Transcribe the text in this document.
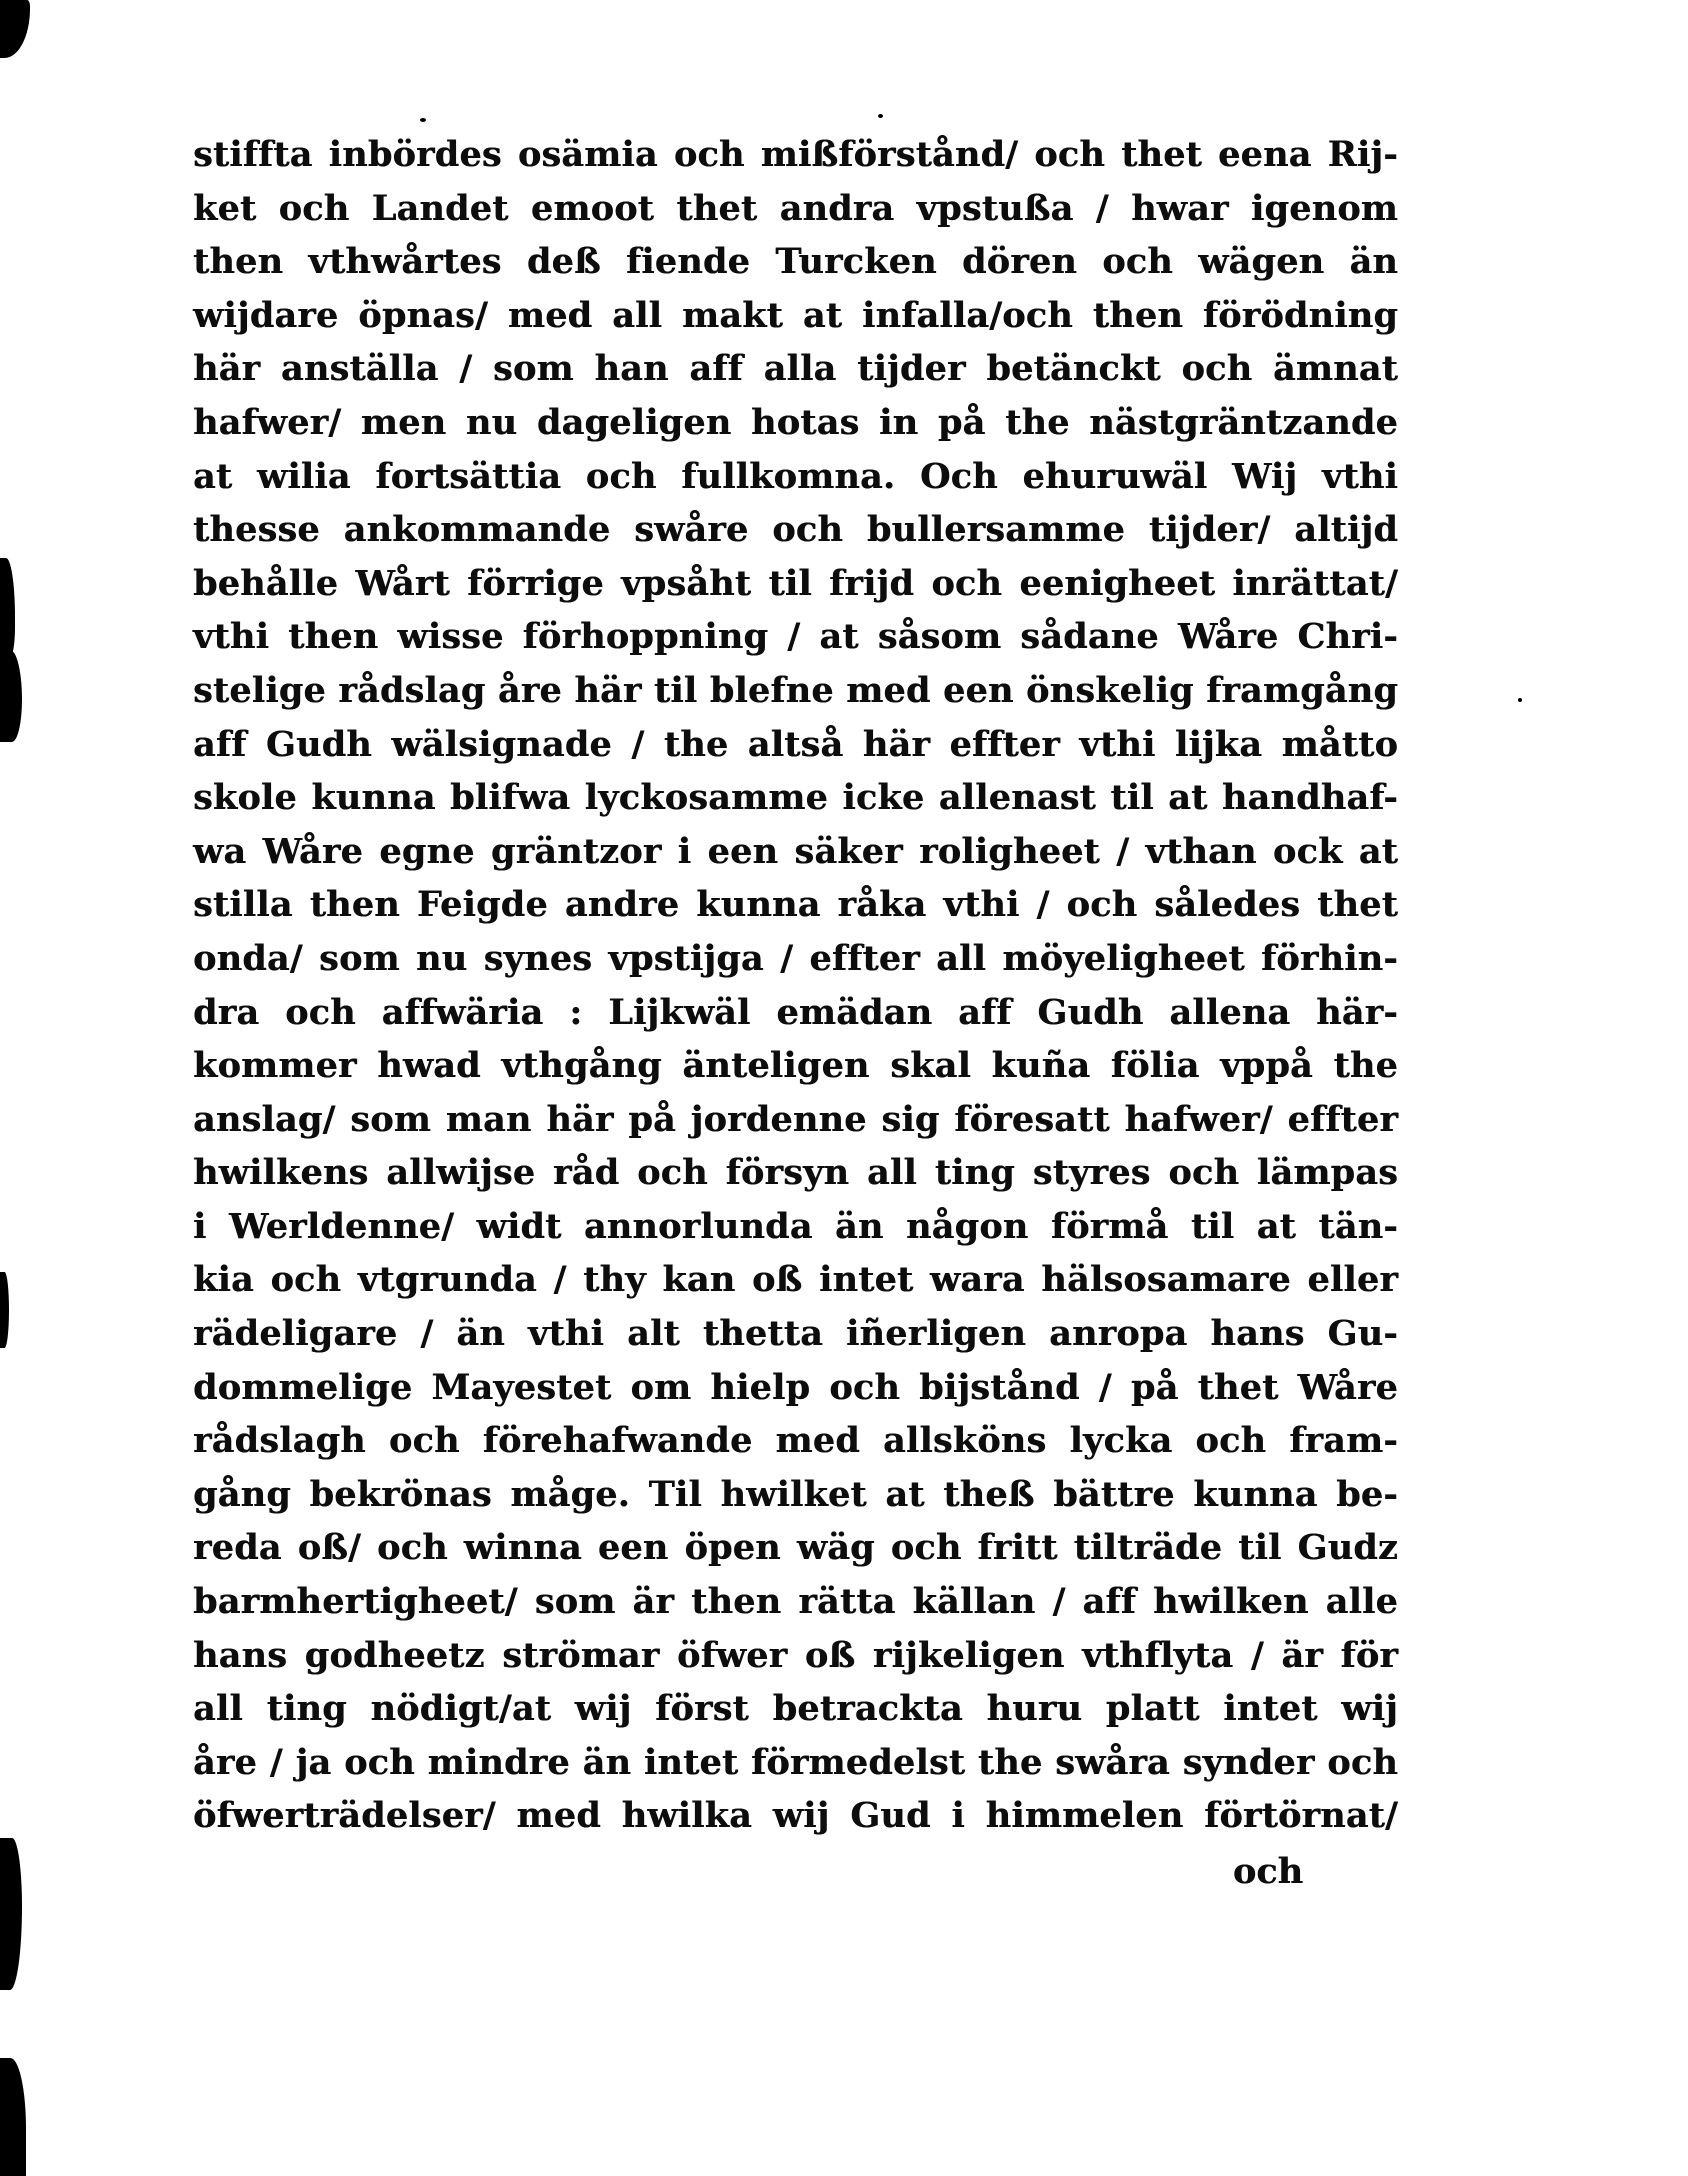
stiffta inbördes osämia och mißförstånd/ och thet eena Rij-
ket och Landet emoot thet andra vpstußa / hwar igenom
then vthwårtes deß fiende Turcken dören och wägen än
wijdare öpnas/ med all makt at infalla/och then förödning
här anställa / som han aff alla tijder betänckt och ämnat
hafwer/ men nu dageligen hotas in på the nästgräntzande
at wilia fortsättia och fullkomna. Och ehuruwäl Wij vthi
thesse ankommande swåre och bullersamme tijder/ altijd
behålle Wårt förrige vpsåht til frijd och eenigheet inrättat/
vthi then wisse förhoppning / at såsom sådane Wåre Chri-
stelige rådslag åre här til blefne med een önskelig framgång
aff Gudh wälsignade / the altså här effter vthi lijka måtto
skole kunna blifwa lyckosamme icke allenast til at handhaf-
wa Wåre egne gräntzor i een säker roligheet / vthan ock at
stilla then Feigde andre kunna råka vthi / och således thet
onda/ som nu synes vpstijga / effter all möyeligheet förhin-
dra och affwäria : Lijkwäl emädan aff Gudh allena här-
kommer hwad vthgång änteligen skal kuña fölia vppå the
anslag/ som man här på jordenne sig föresatt hafwer/ effter
hwilkens allwijse råd och försyn all ting styres och lämpas
i Werldenne/ widt annorlunda än någon förmå til at tän-
kia och vtgrunda / thy kan oß intet wara hälsosamare eller
rädeligare / än vthi alt thetta iñerligen anropa hans Gu-
dommelige Mayestet om hielp och bijstånd / på thet Wåre
rådslagh och förehafwande med allsköns lycka och fram-
gång bekrönas måge. Til hwilket at theß bättre kunna be-
reda oß/ och winna een öpen wäg och fritt tilträde til Gudz
barmhertigheet/ som är then rätta källan / aff hwilken alle
hans godheetz strömar öfwer oß rijkeligen vthflyta / är för
all ting nödigt/at wij först betrackta huru platt intet wij
åre / ja och mindre än intet förmedelst the swåra synder och
öfwerträdelser/ med hwilka wij Gud i himmelen förtörnat/
och
